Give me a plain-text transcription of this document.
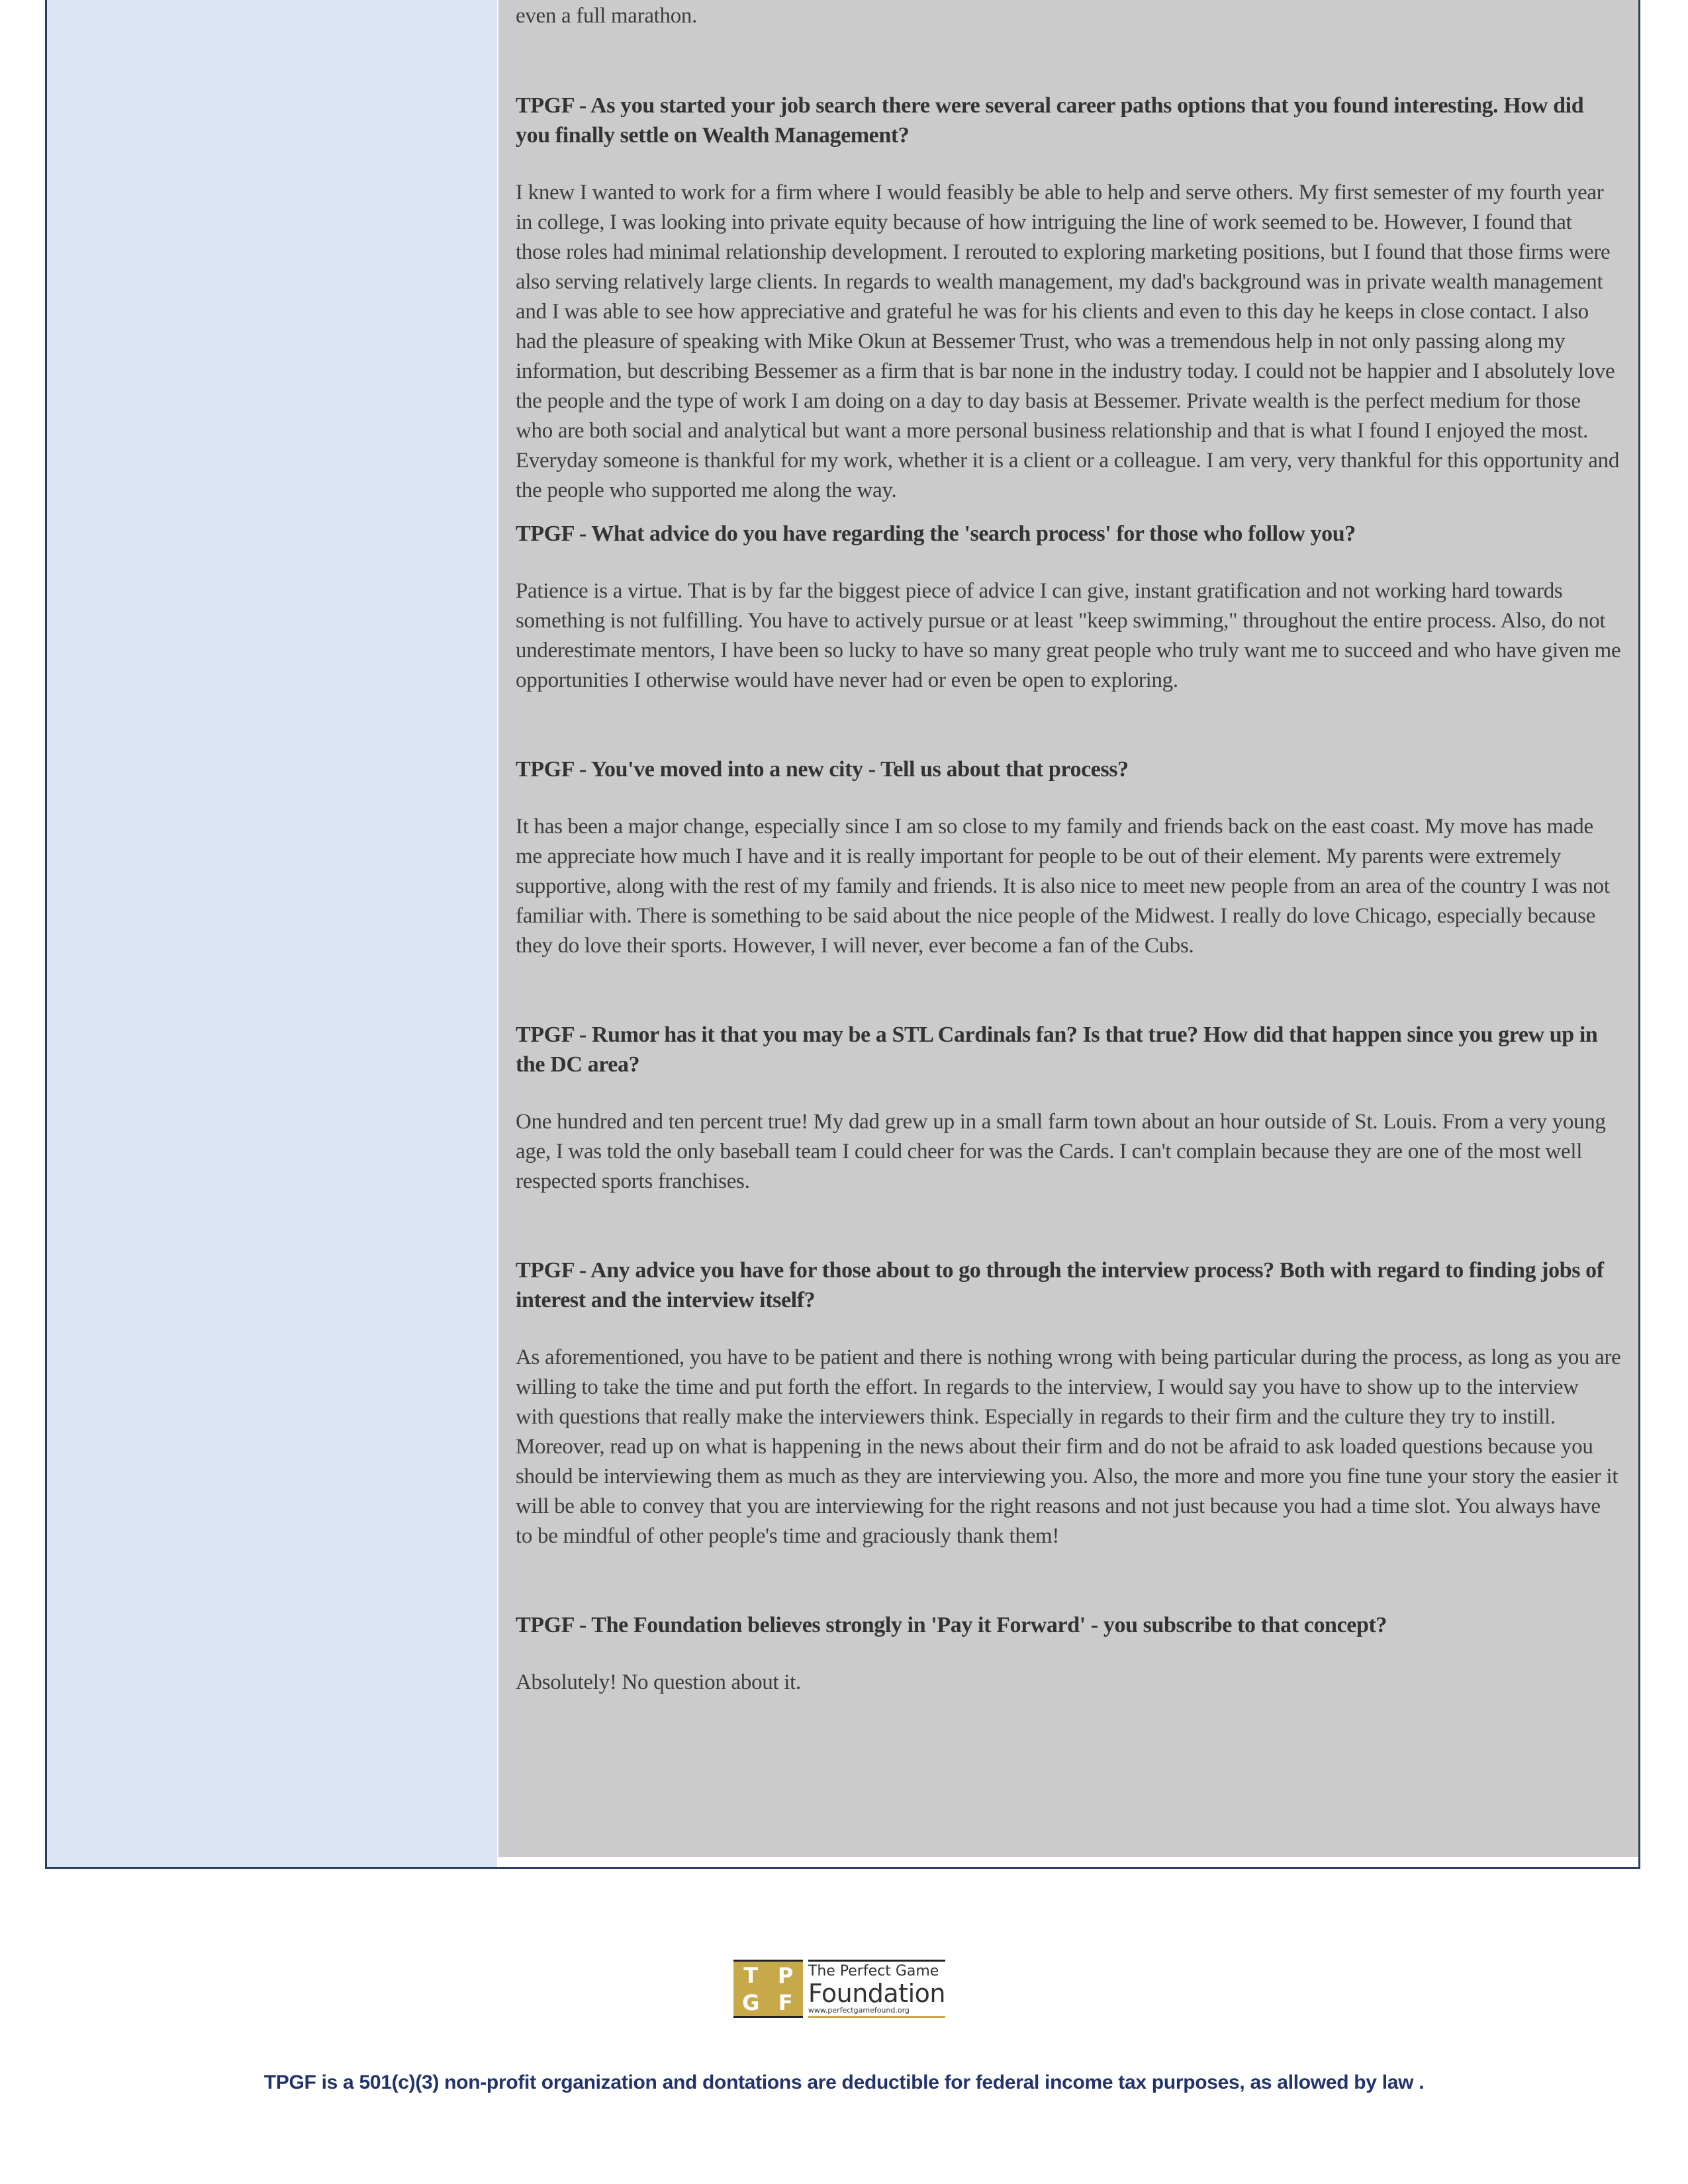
even a full marathon.

TPGF - As you started your job search there were several career paths options that you found interesting. How did you finally settle on Wealth Management?

I knew I wanted to work for a firm where I would feasibly be able to help and serve others. My first semester of my fourth year in college, I was looking into private equity because of how intriguing the line of work seemed to be. However, I found that those roles had minimal relationship development. I rerouted to exploring marketing positions, but I found that those firms were also serving relatively large clients. In regards to wealth management, my dad's background was in private wealth management and I was able to see how appreciative and grateful he was for his clients and even to this day he keeps in close contact. I also had the pleasure of speaking with Mike Okun at Bessemer Trust, who was a tremendous help in not only passing along my information, but describing Bessemer as a firm that is bar none in the industry today. I could not be happier and I absolutely love the people and the type of work I am doing on a day to day basis at Bessemer. Private wealth is the perfect medium for those who are both social and analytical but want a more personal business relationship and that is what I found I enjoyed the most. Everyday someone is thankful for my work, whether it is a client or a colleague. I am very, very thankful for this opportunity and the people who supported me along the way.

TPGF - What advice do you have regarding the 'search process' for those who follow you?

Patience is a virtue. That is by far the biggest piece of advice I can give, instant gratification and not working hard towards something is not fulfilling. You have to actively pursue or at least "keep swimming," throughout the entire process. Also, do not underestimate mentors, I have been so lucky to have so many great people who truly want me to succeed and who have given me opportunities I otherwise would have never had or even be open to exploring.

TPGF - You've moved into a new city - Tell us about that process?

It has been a major change, especially since I am so close to my family and friends back on the east coast. My move has made me appreciate how much I have and it is really important for people to be out of their element. My parents were extremely supportive, along with the rest of my family and friends. It is also nice to meet new people from an area of the country I was not familiar with. There is something to be said about the nice people of the Midwest. I really do love Chicago, especially because they do love their sports. However, I will never, ever become a fan of the Cubs.

TPGF - Rumor has it that you may be a STL Cardinals fan? Is that true? How did that happen since you grew up in the DC area?

One hundred and ten percent true! My dad grew up in a small farm town about an hour outside of St. Louis. From a very young age, I was told the only baseball team I could cheer for was the Cards. I can't complain because they are one of the most well respected sports franchises.

TPGF - Any advice you have for those about to go through the interview process? Both with regard to finding jobs of interest and the interview itself?

As aforementioned, you have to be patient and there is nothing wrong with being particular during the process, as long as you are willing to take the time and put forth the effort. In regards to the interview, I would say you have to show up to the interview with questions that really make the interviewers think. Especially in regards to their firm and the culture they try to instill. Moreover, read up on what is happening in the news about their firm and do not be afraid to ask loaded questions because you should be interviewing them as much as they are interviewing you. Also, the more and more you fine tune your story the easier it will be able to convey that you are interviewing for the right reasons and not just because you had a time slot. You always have to be mindful of other people's time and graciously thank them!

TPGF - The Foundation believes strongly in 'Pay it Forward' - you subscribe to that concept?

Absolutely! No question about it.

T P
G F
The Perfect Game
Foundation
www.perfectgamefound.org
TPGF is a 501(c)(3) non-profit organization and dontations are deductible for federal income tax purposes, as allowed by law .
